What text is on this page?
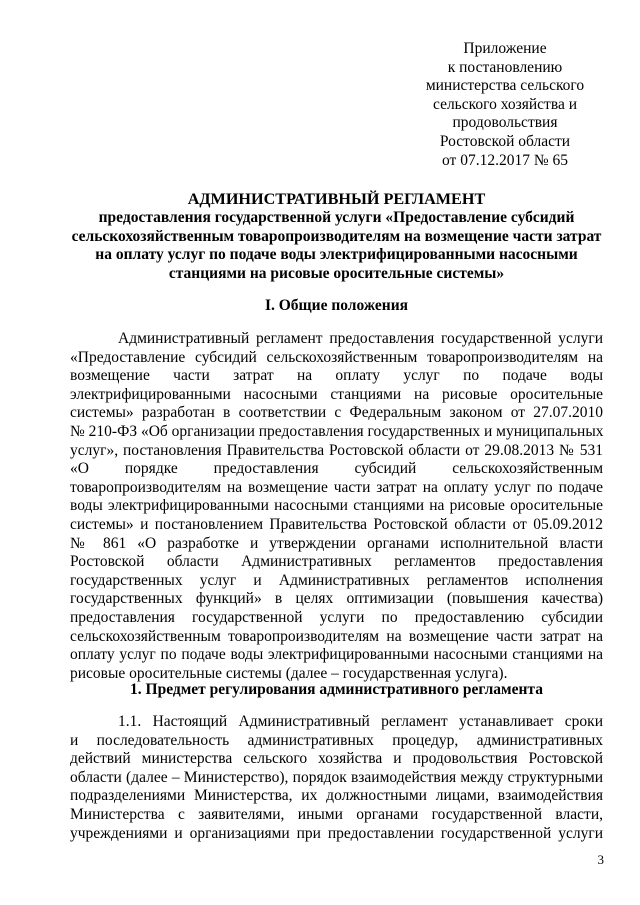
Приложение
к постановлению
министерства сельского
сельского хозяйства и
продовольствия
Ростовской области
от 07.12.2017 № 65
АДМИНИСТРАТИВНЫЙ РЕГЛАМЕНТ
предоставления государственной услуги «Предоставление субсидий
сельскохозяйственным товаропроизводителям на возмещение части затрат
на оплату услуг по подаче воды электрифицированными насосными
станциями на рисовые оросительные системы»
I. Общие положения
Административный регламент предоставления государственной услуги
«Предоставление субсидий сельскохозяйственным товаропроизводителям на
возмещение части затрат на оплату услуг по подаче воды
электрифицированными насосными станциями на рисовые оросительные
системы» разработан в соответствии с Федеральным законом от 27.07.2010
№ 210-ФЗ «Об организации предоставления государственных и муниципальных
услуг», постановления Правительства Ростовской области от 29.08.2013 № 531
«О порядке предоставления субсидий сельскохозяйственным
товаропроизводителям на возмещение части затрат на оплату услуг по подаче
воды электрифицированными насосными станциями на рисовые оросительные
системы» и постановлением Правительства Ростовской области от 05.09.2012
№ 861 «О разработке и утверждении органами исполнительной власти
Ростовской области Административных регламентов предоставления
государственных услуг и Административных регламентов исполнения
государственных функций» в целях оптимизации (повышения качества)
предоставления государственной услуги по предоставлению субсидии
сельскохозяйственным товаропроизводителям на возмещение части затрат на
оплату услуг по подаче воды электрифицированными насосными станциями на
рисовые оросительные системы (далее – государственная услуга).
1. Предмет регулирования административного регламента
1.1. Настоящий Административный регламент устанавливает сроки
и последовательность административных процедур, административных
действий министерства сельского хозяйства и продовольствия Ростовской
области (далее – Министерство), порядок взаимодействия между структурными
подразделениями Министерства, их должностными лицами, взаимодействия
Министерства с заявителями, иными органами государственной власти,
учреждениями и организациями при предоставлении государственной услуги
3
